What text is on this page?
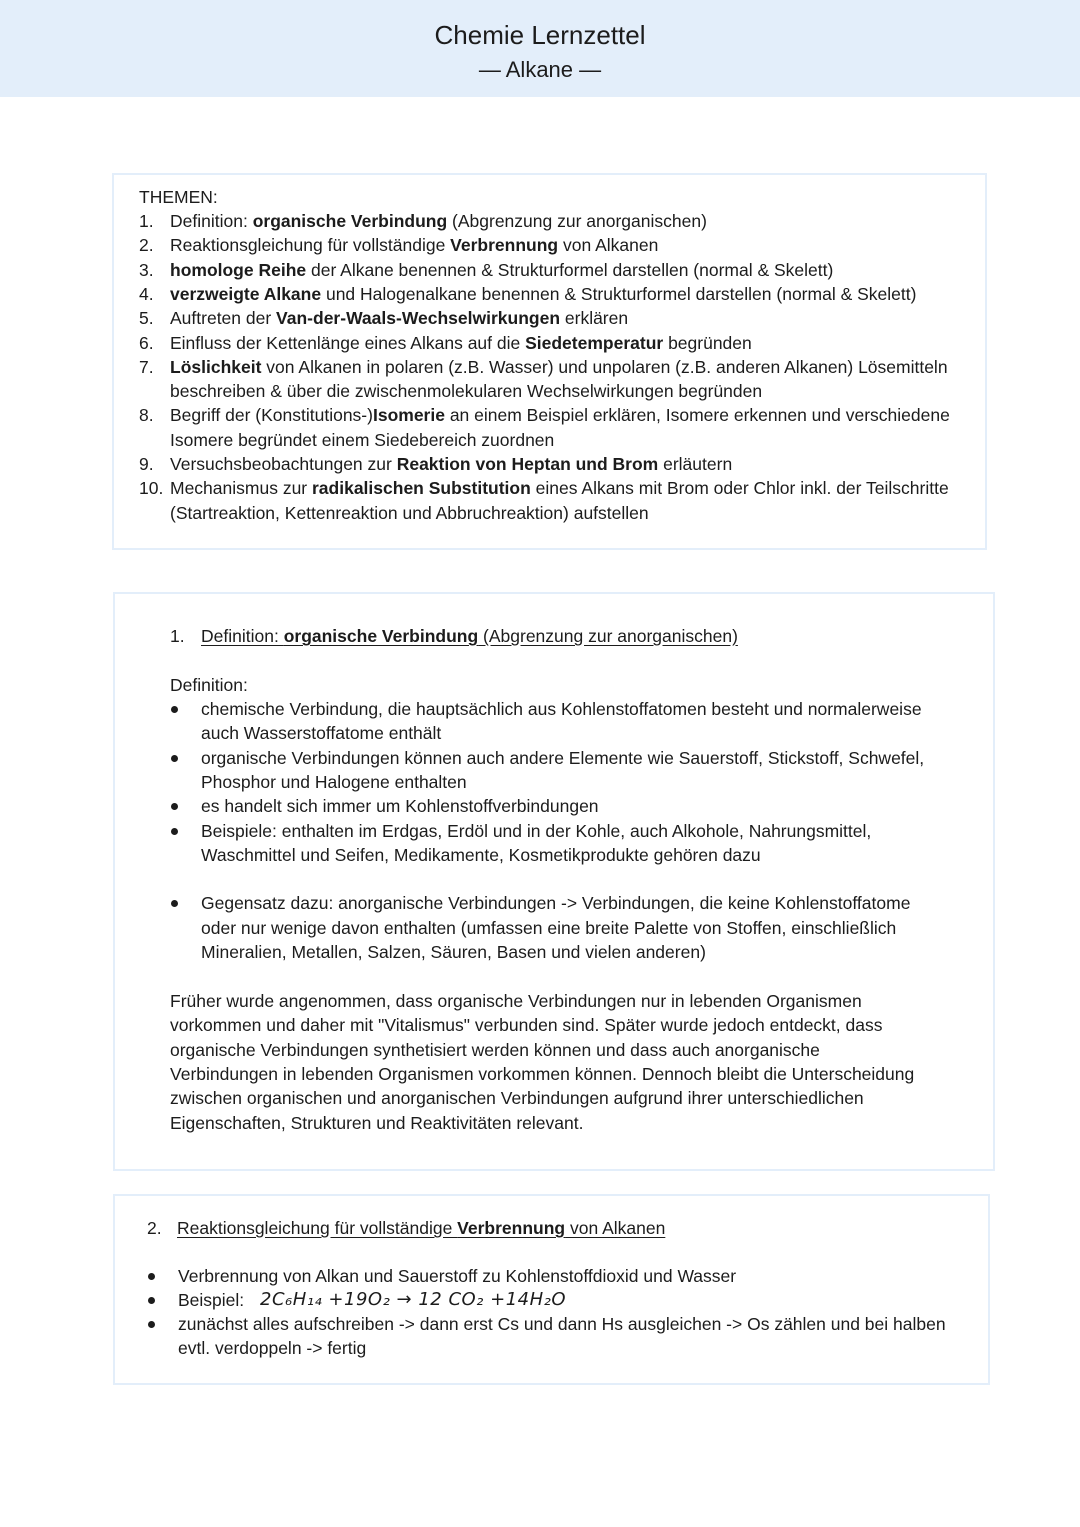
Chemie Lernzettel
— Alkane —
THEMEN:
1. Definition: organische Verbindung (Abgrenzung zur anorganischen)
2. Reaktionsgleichung für vollständige Verbrennung von Alkanen
3. homologe Reihe der Alkane benennen & Strukturformel darstellen (normal & Skelett)
4. verzweigte Alkane und Halogenalkane benennen & Strukturformel darstellen (normal & Skelett)
5. Auftreten der Van-der-Waals-Wechselwirkungen erklären
6. Einfluss der Kettenlänge eines Alkans auf die Siedetemperatur begründen
7. Löslichkeit von Alkanen in polaren (z.B. Wasser) und unpolaren (z.B. anderen Alkanen) Lösemitteln
beschreiben & über die zwischenmolekularen Wechselwirkungen begründen
8. Begriff der (Konstitutions-)Isomerie an einem Beispiel erklären, Isomere erkennen und verschiedene
Isomere begründet einem Siedebereich zuordnen
9. Versuchsbeobachtungen zur Reaktion von Heptan und Brom erläutern
10. Mechanismus zur radikalischen Substitution eines Alkans mit Brom oder Chlor inkl. der Teilschritte
(Startreaktion, Kettenreaktion und Abbruchreaktion) aufstellen
1. Definition: organische Verbindung (Abgrenzung zur anorganischen)
Definition:
chemische Verbindung, die hauptsächlich aus Kohlenstoffatomen besteht und normalerweise
auch Wasserstoffatome enthält
organische Verbindungen können auch andere Elemente wie Sauerstoff, Stickstoff, Schwefel,
Phosphor und Halogene enthalten
es handelt sich immer um Kohlenstoffverbindungen
Beispiele: enthalten im Erdgas, Erdöl und in der Kohle, auch Alkohole, Nahrungsmittel,
Waschmittel und Seifen, Medikamente, Kosmetikprodukte gehören dazu
Gegensatz dazu: anorganische Verbindungen -> Verbindungen, die keine Kohlenstoffatome
oder nur wenige davon enthalten (umfassen eine breite Palette von Stoffen, einschließlich
Mineralien, Metallen, Salzen, Säuren, Basen und vielen anderen)
Früher wurde angenommen, dass organische Verbindungen nur in lebenden Organismen
vorkommen und daher mit "Vitalismus" verbunden sind. Später wurde jedoch entdeckt, dass
organische Verbindungen synthetisiert werden können und dass auch anorganische
Verbindungen in lebenden Organismen vorkommen können. Dennoch bleibt die Unterscheidung
zwischen organischen und anorganischen Verbindungen aufgrund ihrer unterschiedlichen
Eigenschaften, Strukturen und Reaktivitäten relevant.
2. Reaktionsgleichung für vollständige Verbrennung von Alkanen
Verbrennung von Alkan und Sauerstoff zu Kohlenstoffdioxid und Wasser
Beispiel: 2C₆H₁₄ +19O₂ → 12 CO₂ +14H₂O
zunächst alles aufschreiben -> dann erst Cs und dann Hs ausgleichen -> Os zählen und bei halben
evtl. verdoppeln -> fertig
